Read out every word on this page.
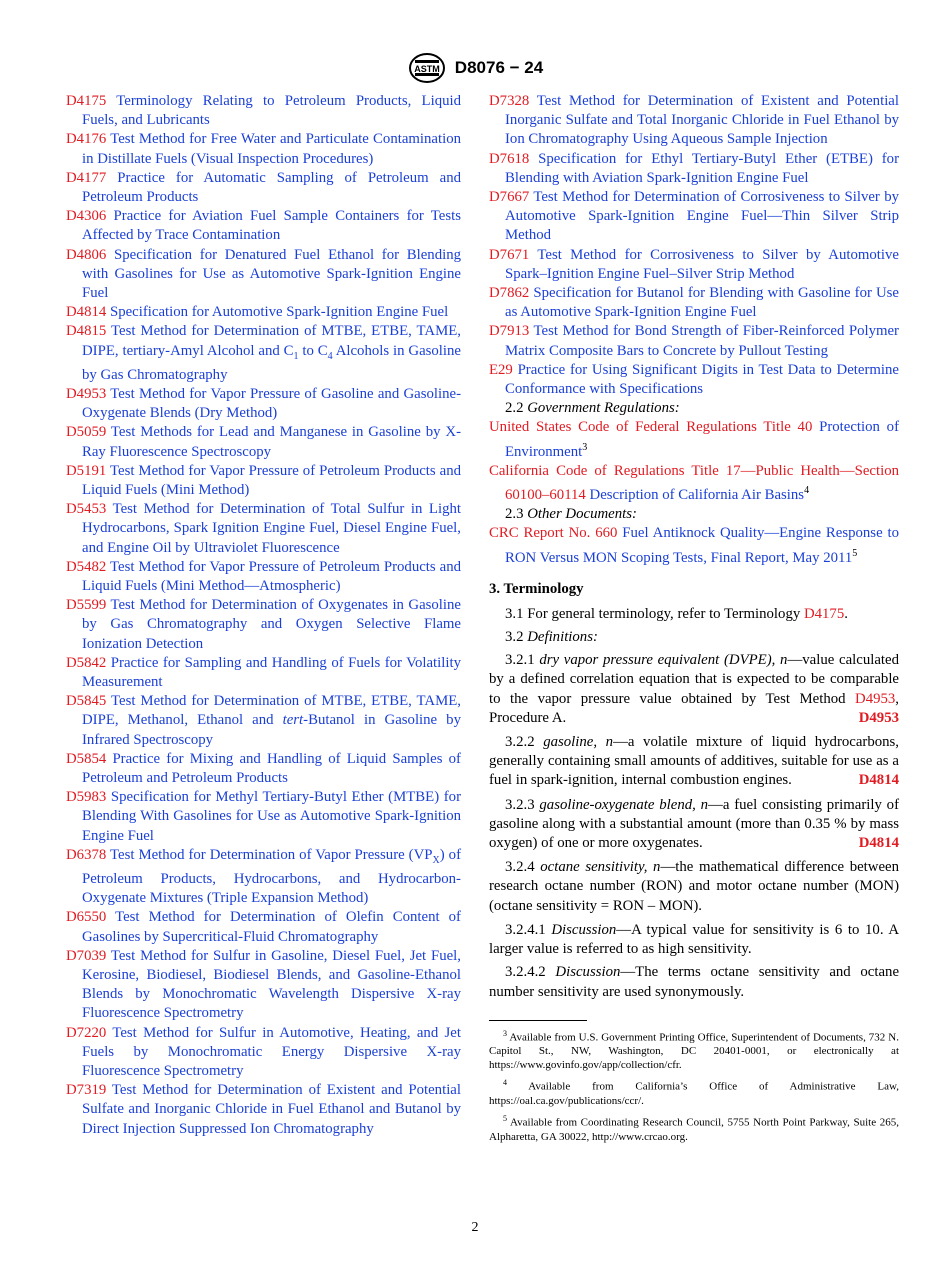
ASTM D8076 − 24

D4175 Terminology Relating to Petroleum Products, Liquid Fuels, and Lubricants

D4176 Test Method for Free Water and Particulate Contamination in Distillate Fuels (Visual Inspection Procedures)

D4177 Practice for Automatic Sampling of Petroleum and Petroleum Products

D4306 Practice for Aviation Fuel Sample Containers for Tests Affected by Trace Contamination

D4806 Specification for Denatured Fuel Ethanol for Blending with Gasolines for Use as Automotive Spark-Ignition Engine Fuel

D4814 Specification for Automotive Spark-Ignition Engine Fuel

D4815 Test Method for Determination of MTBE, ETBE, TAME, DIPE, tertiary-Amyl Alcohol and $C_1$ to $C_4$ Alcohols in Gasoline by Gas Chromatography

D4953 Test Method for Vapor Pressure of Gasoline and Gasoline-Oxygenate Blends (Dry Method)

D5059 Test Methods for Lead and Manganese in Gasoline by X-Ray Fluorescence Spectroscopy

D5191 Test Method for Vapor Pressure of Petroleum Products and Liquid Fuels (Mini Method)

D5453 Test Method for Determination of Total Sulfur in Light Hydrocarbons, Spark Ignition Engine Fuel, Diesel Engine Fuel, and Engine Oil by Ultraviolet Fluorescence

D5482 Test Method for Vapor Pressure of Petroleum Products and Liquid Fuels (Mini Method—Atmospheric)

D5599 Test Method for Determination of Oxygenates in Gasoline by Gas Chromatography and Oxygen Selective Flame Ionization Detection

D5842 Practice for Sampling and Handling of Fuels for Volatility Measurement

D5845 Test Method for Determination of MTBE, ETBE, TAME, DIPE, Methanol, Ethanol and tert-Butanol in Gasoline by Infrared Spectroscopy

D5854 Practice for Mixing and Handling of Liquid Samples of Petroleum and Petroleum Products

D5983 Specification for Methyl Tertiary-Butyl Ether (MTBE) for Blending With Gasolines for Use as Automotive Spark-Ignition Engine Fuel

D6378 Test Method for Determination of Vapor Pressure $(VP_X)$ of Petroleum Products, Hydrocarbons, and Hydrocarbon-Oxygenate Mixtures (Triple Expansion Method)

D6550 Test Method for Determination of Olefin Content of Gasolines by Supercritical-Fluid Chromatography

D7039 Test Method for Sulfur in Gasoline, Diesel Fuel, Jet Fuel, Kerosine, Biodiesel, Biodiesel Blends, and Gasoline-Ethanol Blends by Monochromatic Wavelength Dispersive X-ray Fluorescence Spectrometry

D7220 Test Method for Sulfur in Automotive, Heating, and Jet Fuels by Monochromatic Energy Dispersive X-ray Fluorescence Spectrometry

D7319 Test Method for Determination of Existent and Potential Sulfate and Inorganic Chloride in Fuel Ethanol and Butanol by Direct Injection Suppressed Ion Chromatography

D7328 Test Method for Determination of Existent and Potential Inorganic Sulfate and Total Inorganic Chloride in Fuel Ethanol by Ion Chromatography Using Aqueous Sample Injection

D7618 Specification for Ethyl Tertiary-Butyl Ether (ETBE) for Blending with Aviation Spark-Ignition Engine Fuel

D7667 Test Method for Determination of Corrosiveness to Silver by Automotive Spark-Ignition Engine Fuel—Thin Silver Strip Method

D7671 Test Method for Corrosiveness to Silver by Automotive Spark–Ignition Engine Fuel–Silver Strip Method

D7862 Specification for Butanol for Blending with Gasoline for Use as Automotive Spark-Ignition Engine Fuel

D7913 Test Method for Bond Strength of Fiber-Reinforced Polymer Matrix Composite Bars to Concrete by Pullout Testing

E29 Practice for Using Significant Digits in Test Data to Determine Conformance with Specifications

2.2 Government Regulations:

United States Code of Federal Regulations Title 40 Protection of Environment$^3$

California Code of Regulations Title 17—Public Health—Section 60100–60114 Description of California Air Basins$^4$

2.3 Other Documents:

CRC Report No. 660 Fuel Antiknock Quality—Engine Response to RON Versus MON Scoping Tests, Final Report, May 2011$^5$

3. Terminology

3.1 For general terminology, refer to Terminology D4175.

3.2 Definitions:

3.2.1 dry vapor pressure equivalent (DVPE), n—value calculated by a defined correlation equation that is expected to be comparable to the vapor pressure value obtained by Test Method D4953, Procedure A.	D4953

3.2.2 gasoline, n—a volatile mixture of liquid hydrocarbons, generally containing small amounts of additives, suitable for use as a fuel in spark-ignition, internal combustion engines.	D4814

3.2.3 gasoline-oxygenate blend, n—a fuel consisting primarily of gasoline along with a substantial amount (more than 0.35 % by mass oxygen) of one or more oxygenates.	D4814

3.2.4 octane sensitivity, n—the mathematical difference between research octane number (RON) and motor octane number (MON) (octane sensitivity = RON – MON).

3.2.4.1 Discussion—A typical value for sensitivity is 6 to 10. A larger value is referred to as high sensitivity.

3.2.4.2 Discussion—The terms octane sensitivity and octane number sensitivity are used synonymously.

$^3$ Available from U.S. Government Printing Office, Superintendent of Documents, 732 N. Capitol St., NW, Washington, DC 20401-0001, or electronically at https://www.govinfo.gov/app/collection/cfr.

$^4$ Available from California’s Office of Administrative Law, https://oal.ca.gov/publications/ccr/.

$^5$ Available from Coordinating Research Council, 5755 North Point Parkway, Suite 265, Alpharetta, GA 30022, http://www.crcao.org.

2
